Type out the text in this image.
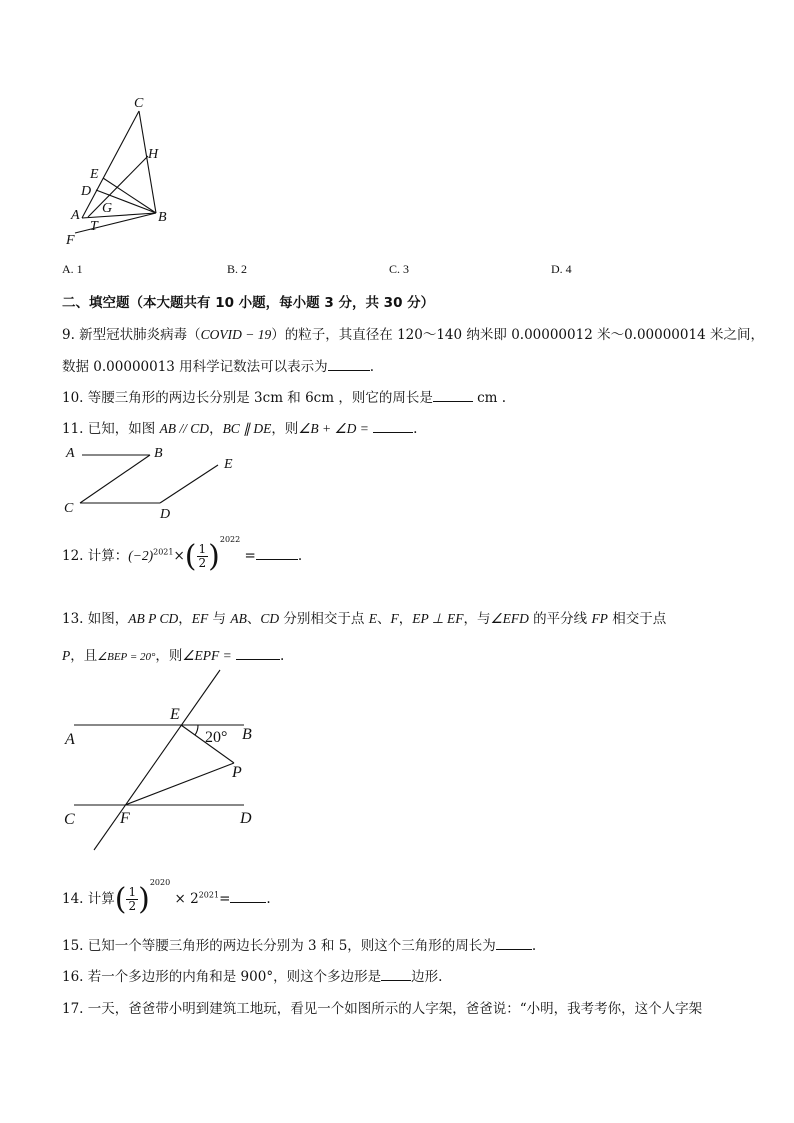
C
H
E
D
G
A	B
T
F
A. 1	B. 2	C. 3	D. 4
二、填空题（本大题共有 10 小题，每小题 3 分，共 30 分）
9. 新型冠状肺炎病毒（COVID − 19）的粒子，其直径在 120～140 纳米即 0.00000012 米～0.00000014 米之间，
数据 0.00000013 用科学记数法可以表示为	.
10. 等腰三角形的两边长分别是 3cm 和 6cm ，则它的周长是	cm .
11. 已知，如图 AB // CD，BC ∥ DE，则∠B + ∠D =	.
A	B
C	D
E
12. 计算：$(-2)^{2021}\times( \frac{1}{2} )^{2022}$ =	.
13. 如图，AB P CD，EF 与 AB、CD 分别相交于点 E、F，EP ⊥ EF，与∠EFD 的平分线 FP 相交于点
P，且∠BEP = 20°，则∠EPF =	.
E
A	B
P
C	F	D
20°
14. 计算( $\frac{1}{2} )^{2020} \times 2^{2021}=$	.
15. 已知一个等腰三角形的两边长分别为 3 和 5，则这个三角形的周长为	.
16. 若一个多边形的内角和是 900°，则这个多边形是 边形.
17. 一天，爸爸带小明到建筑工地玩，看见一个如图所示的人字架，爸爸说：“小明，我考考你，这个人字架
